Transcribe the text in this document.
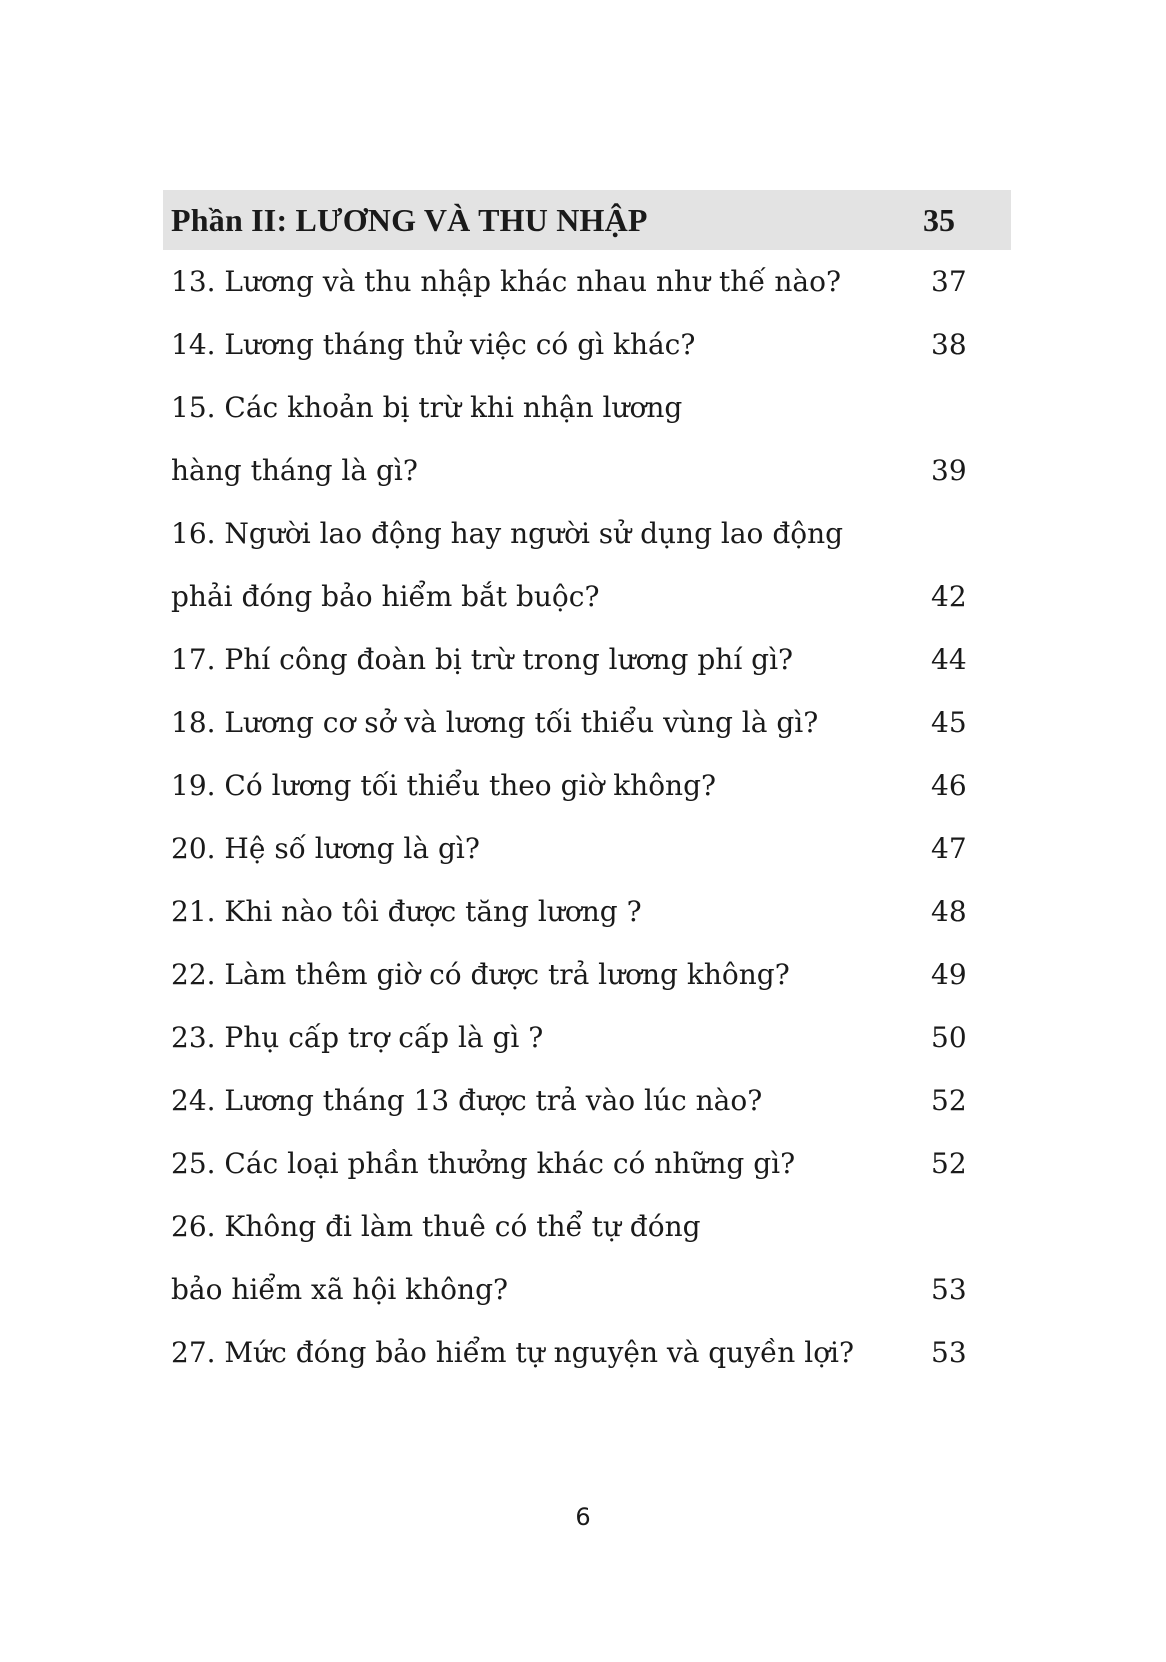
Phần II: LƯƠNG VÀ THU NHẬP	35
13. Lương và thu nhập khác nhau như thế nào?	37
14. Lương tháng thử việc có gì khác?	38
15. Các khoản bị trừ khi nhận lương
hàng tháng là gì?	39
16. Người lao động hay người sử dụng lao động
phải đóng bảo hiểm bắt buộc?	42
17. Phí công đoàn bị trừ trong lương phí gì?	44
18. Lương cơ sở và lương tối thiểu vùng là gì?	45
19. Có lương tối thiểu theo giờ không?	46
20. Hệ số lương là gì?	47
21. Khi nào tôi được tăng lương ?	48
22. Làm thêm giờ có được trả lương không?	49
23. Phụ cấp trợ cấp là gì ?	50
24. Lương tháng 13 được trả vào lúc nào?	52
25. Các loại phần thưởng khác có những gì?	52
26. Không đi làm thuê có thể tự đóng
bảo hiểm xã hội không?	53
27. Mức đóng bảo hiểm tự nguyện và quyền lợi?	53
6
